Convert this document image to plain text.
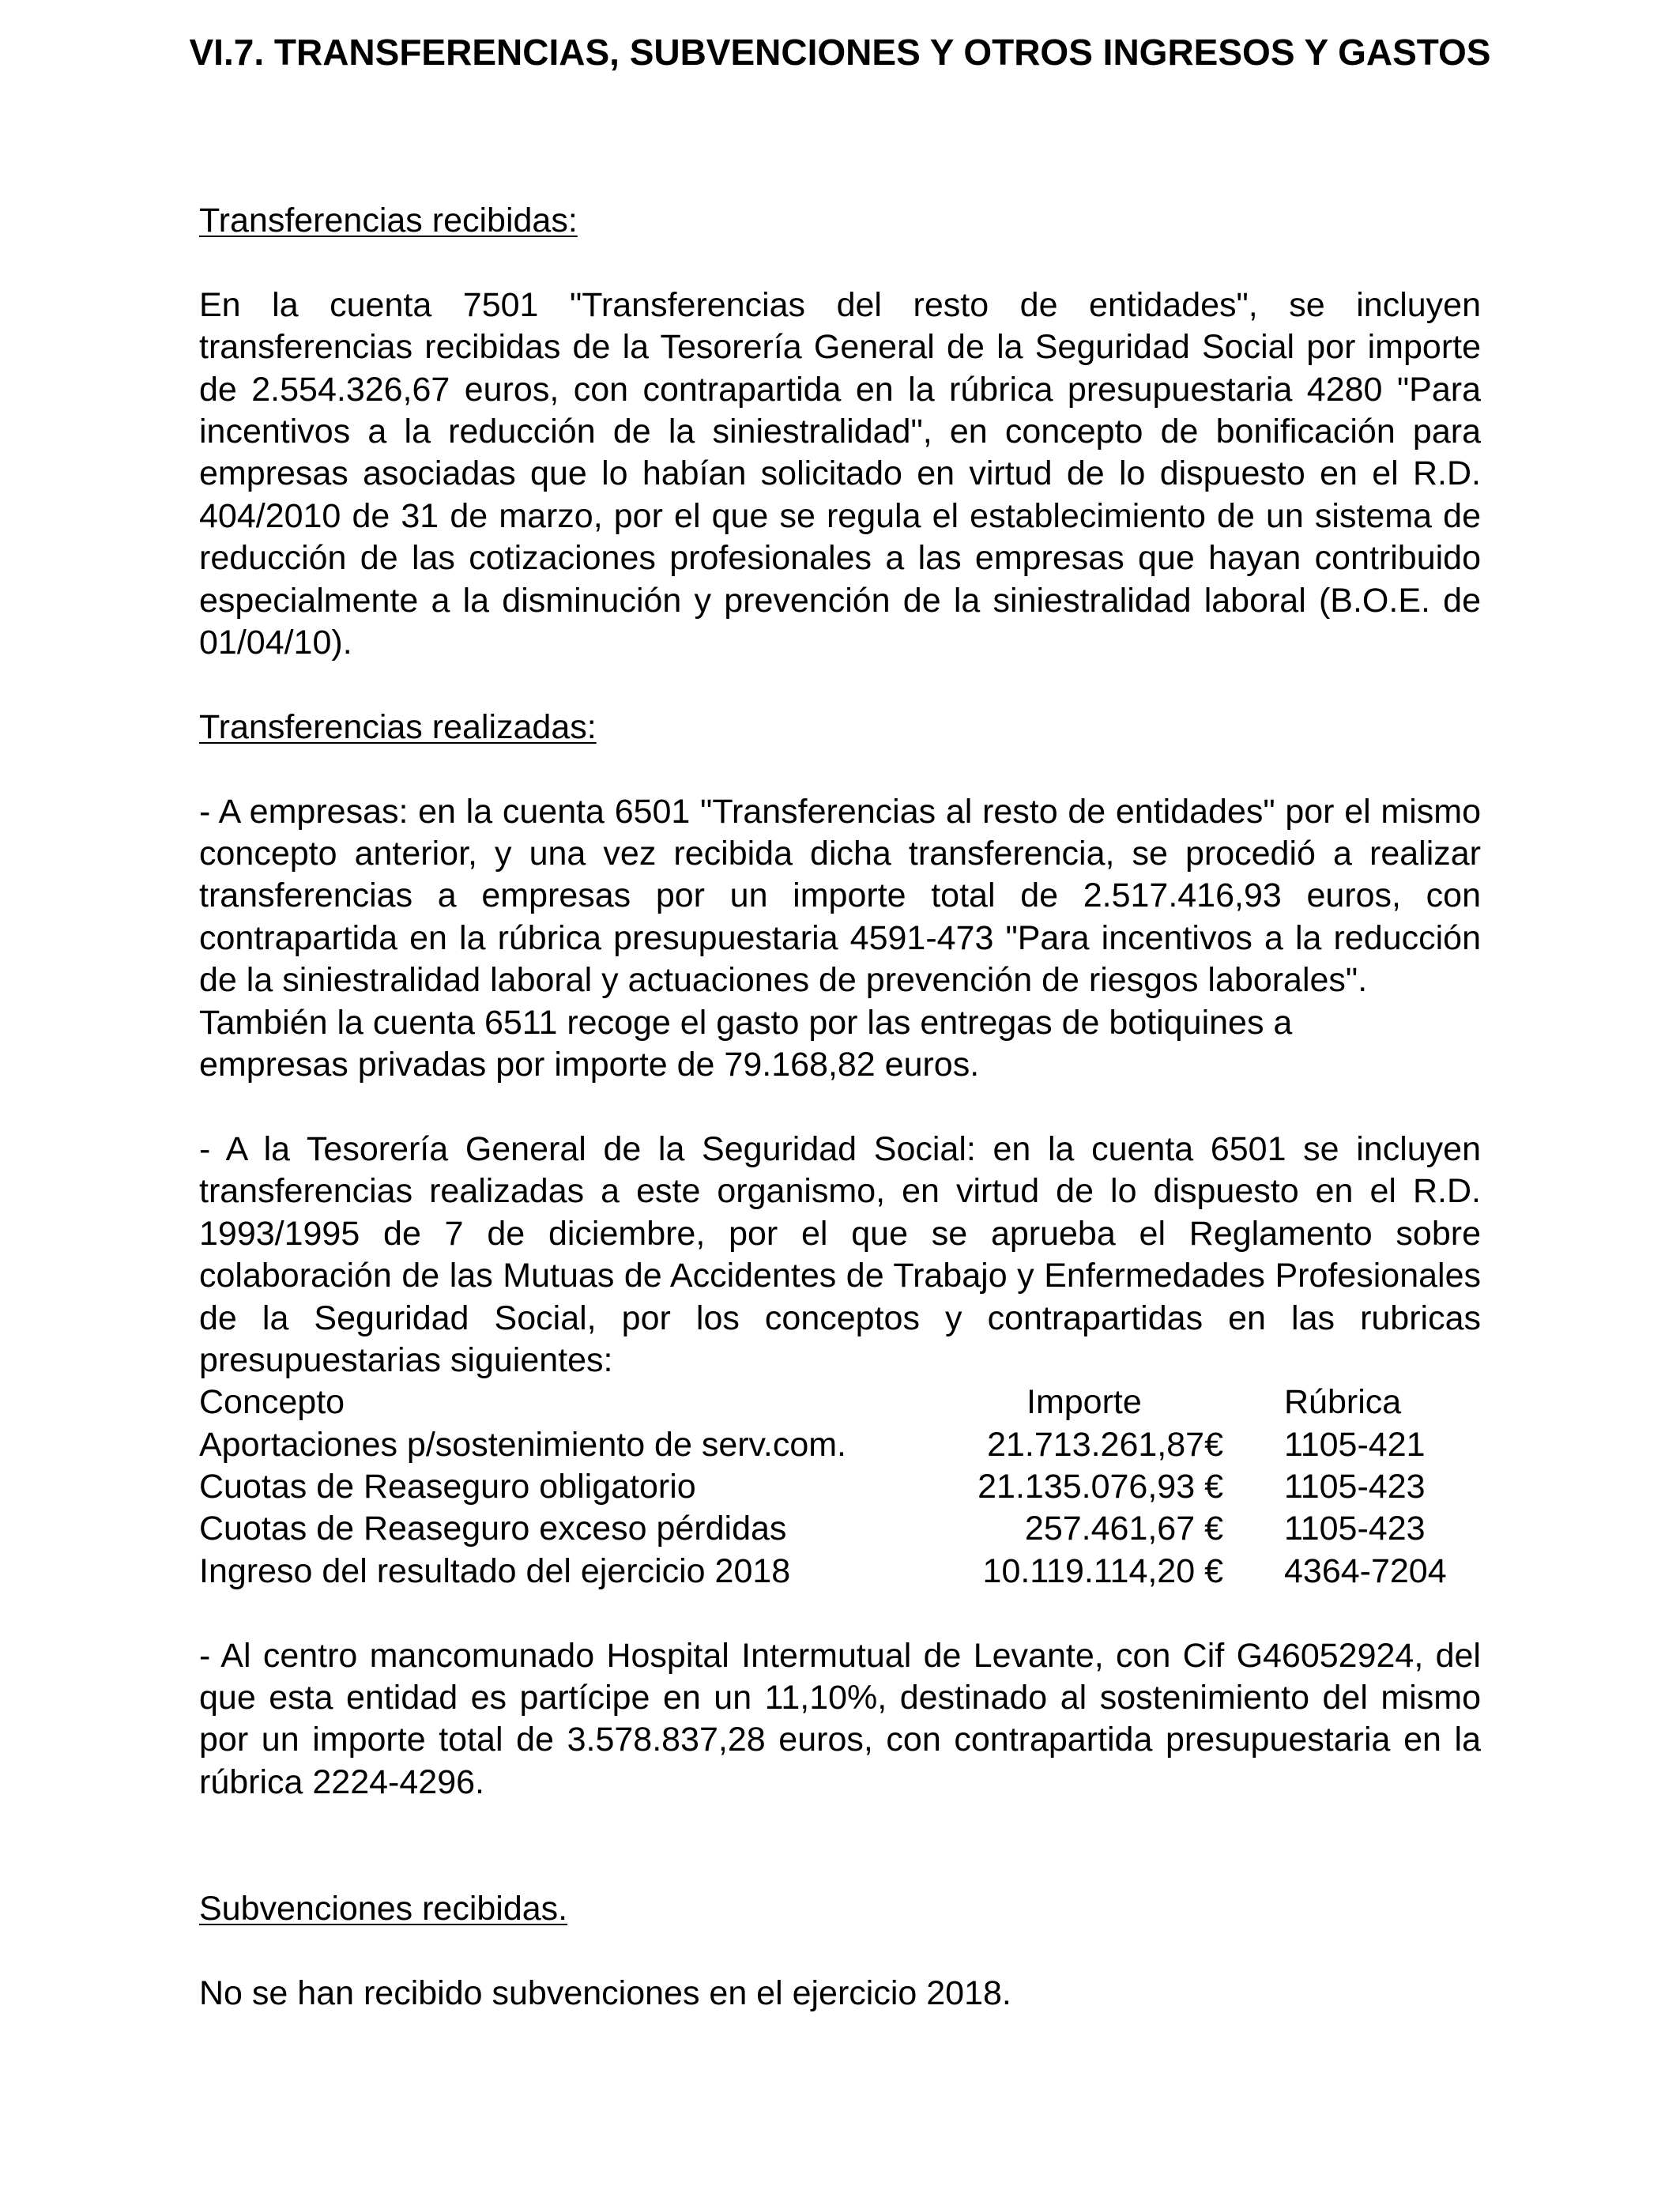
VI.7. TRANSFERENCIAS, SUBVENCIONES Y OTROS INGRESOS Y GASTOS

Transferencias recibidas:

En la cuenta 7501 "Transferencias del resto de entidades", se incluyen transferencias recibidas de la Tesorería General de la Seguridad Social por importe de 2.554.326,67 euros, con contrapartida en la rúbrica presupuestaria 4280 "Para incentivos a la reducción de la siniestralidad", en concepto de bonificación para empresas asociadas que lo habían solicitado en virtud de lo dispuesto en el R.D. 404/2010 de 31 de marzo, por el que se regula el establecimiento de un sistema de reducción de las cotizaciones profesionales a las empresas que hayan contribuido especialmente a la disminución y prevención de la siniestralidad laboral (B.O.E. de 01/04/10).

Transferencias realizadas:

- A empresas: en la cuenta 6501 "Transferencias al resto de entidades" por el mismo concepto anterior, y una vez recibida dicha transferencia, se procedió a realizar transferencias a empresas por un importe total de 2.517.416,93 euros, con contrapartida en la rúbrica presupuestaria 4591-473 "Para incentivos a la reducción de la siniestralidad laboral y actuaciones de prevención de riesgos laborales".

También la cuenta 6511 recoge el gasto por las entregas de botiquines a

empresas privadas por importe de 79.168,82 euros.

- A la Tesorería General de la Seguridad Social: en la cuenta 6501 se incluyen transferencias realizadas a este organismo, en virtud de lo dispuesto en el R.D. 1993/1995 de 7 de diciembre, por el que se aprueba el Reglamento sobre colaboración de las Mutuas de Accidentes de Trabajo y Enfermedades Profesionales de la Seguridad Social, por los conceptos y contrapartidas en las rubricas presupuestarias siguientes:

Concepto	Importe	Rúbrica
Aportaciones p/sostenimiento de serv.com.	21.713.261,87€ 1105-421
Cuotas de Reaseguro obligatorio	21.135.076,93 € 1105-423
Cuotas de Reaseguro exceso pérdidas	257.461,67 € 1105-423
Ingreso del resultado del ejercicio 2018	10.119.114,20 € 4364-7204

- Al centro mancomunado Hospital Intermutual de Levante, con Cif G46052924, del que esta entidad es partícipe en un 11,10%, destinado al sostenimiento del mismo por un importe total de 3.578.837,28 euros, con contrapartida presupuestaria en la rúbrica 2224-4296.

Subvenciones recibidas.

No se han recibido subvenciones en el ejercicio 2018.
